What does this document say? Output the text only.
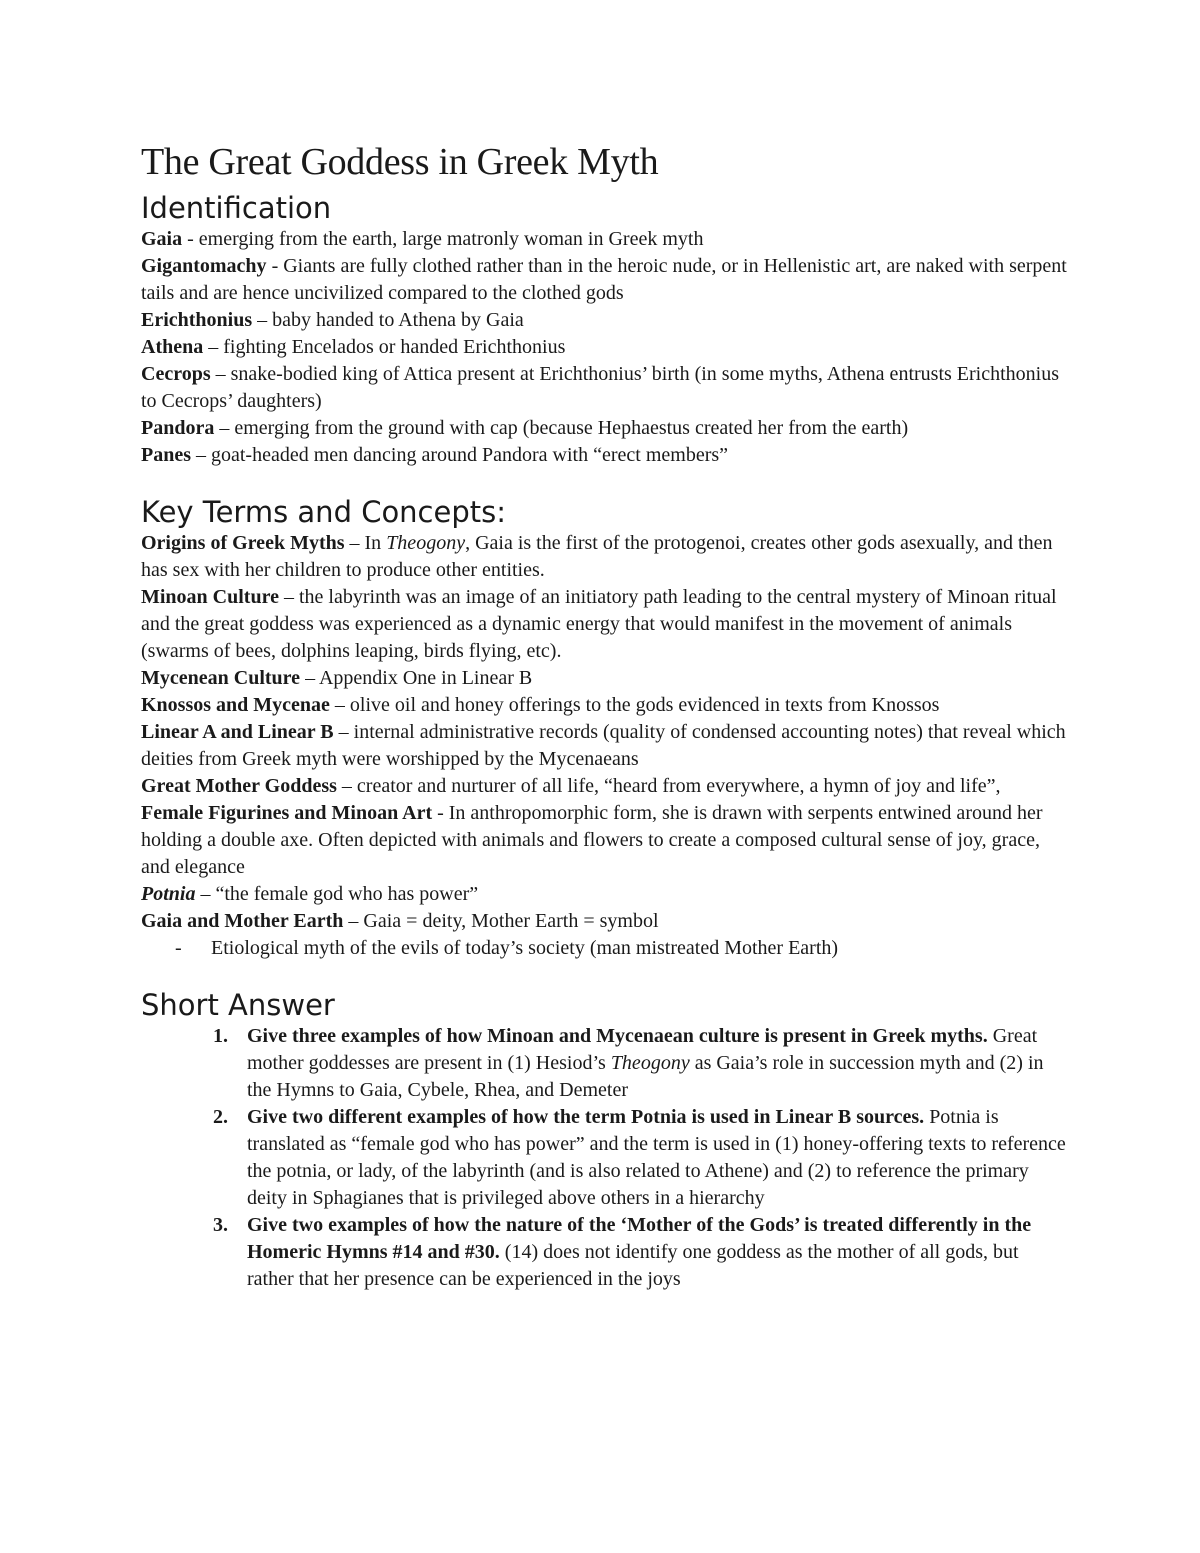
The Great Goddess in Greek Myth
Identification

Gaia - emerging from the earth, large matronly woman in Greek myth

Gigantomachy - Giants are fully clothed rather than in the heroic nude, or in Hellenistic art, are naked with serpent tails and are hence uncivilized compared to the clothed gods

Erichthonius – baby handed to Athena by Gaia

Athena – fighting Encelados or handed Erichthonius

Cecrops – snake-bodied king of Attica present at Erichthonius’ birth (in some myths, Athena entrusts Erichthonius to Cecrops’ daughters)

Pandora – emerging from the ground with cap (because Hephaestus created her from the earth)

Panes – goat-headed men dancing around Pandora with “erect members”

Key Terms and Concepts:

Origins of Greek Myths – In Theogony, Gaia is the first of the protogenoi, creates other gods asexually, and then has sex with her children to produce other entities.

Minoan Culture – the labyrinth was an image of an initiatory path leading to the central mystery of Minoan ritual and the great goddess was experienced as a dynamic energy that would manifest in the movement of animals (swarms of bees, dolphins leaping, birds flying, etc).

Mycenean Culture – Appendix One in Linear B

Knossos and Mycenae – olive oil and honey offerings to the gods evidenced in texts from Knossos

Linear A and Linear B – internal administrative records (quality of condensed accounting notes) that reveal which deities from Greek myth were worshipped by the Mycenaeans

Great Mother Goddess – creator and nurturer of all life, “heard from everywhere, a hymn of joy and life”,

Female Figurines and Minoan Art - In anthropomorphic form, she is drawn with serpents entwined around her holding a double axe. Often depicted with animals and flowers to create a composed cultural sense of joy, grace, and elegance

Potnia – “the female god who has power”

Gaia and Mother Earth – Gaia = deity, Mother Earth = symbol

- Etiological myth of the evils of today’s society (man mistreated Mother Earth)
Short Answer
1. Give three examples of how Minoan and Mycenaean culture is present in Greek myths. Great mother goddesses are present in (1) Hesiod’s Theogony as Gaia’s role in succession myth and (2) in the Hymns to Gaia, Cybele, Rhea, and Demeter
2. Give two different examples of how the term Potnia is used in Linear B sources. Potnia is translated as “female god who has power” and the term is used in (1) honey-offering texts to reference the potnia, or lady, of the labyrinth (and is also related to Athene) and (2) to reference the primary deity in Sphagianes that is privileged above others in a hierarchy
3. Give two examples of how the nature of the ‘Mother of the Gods’ is treated differently in the Homeric Hymns #14 and #30. (14) does not identify one goddess as the mother of all gods, but rather that her presence can be experienced in the joys
